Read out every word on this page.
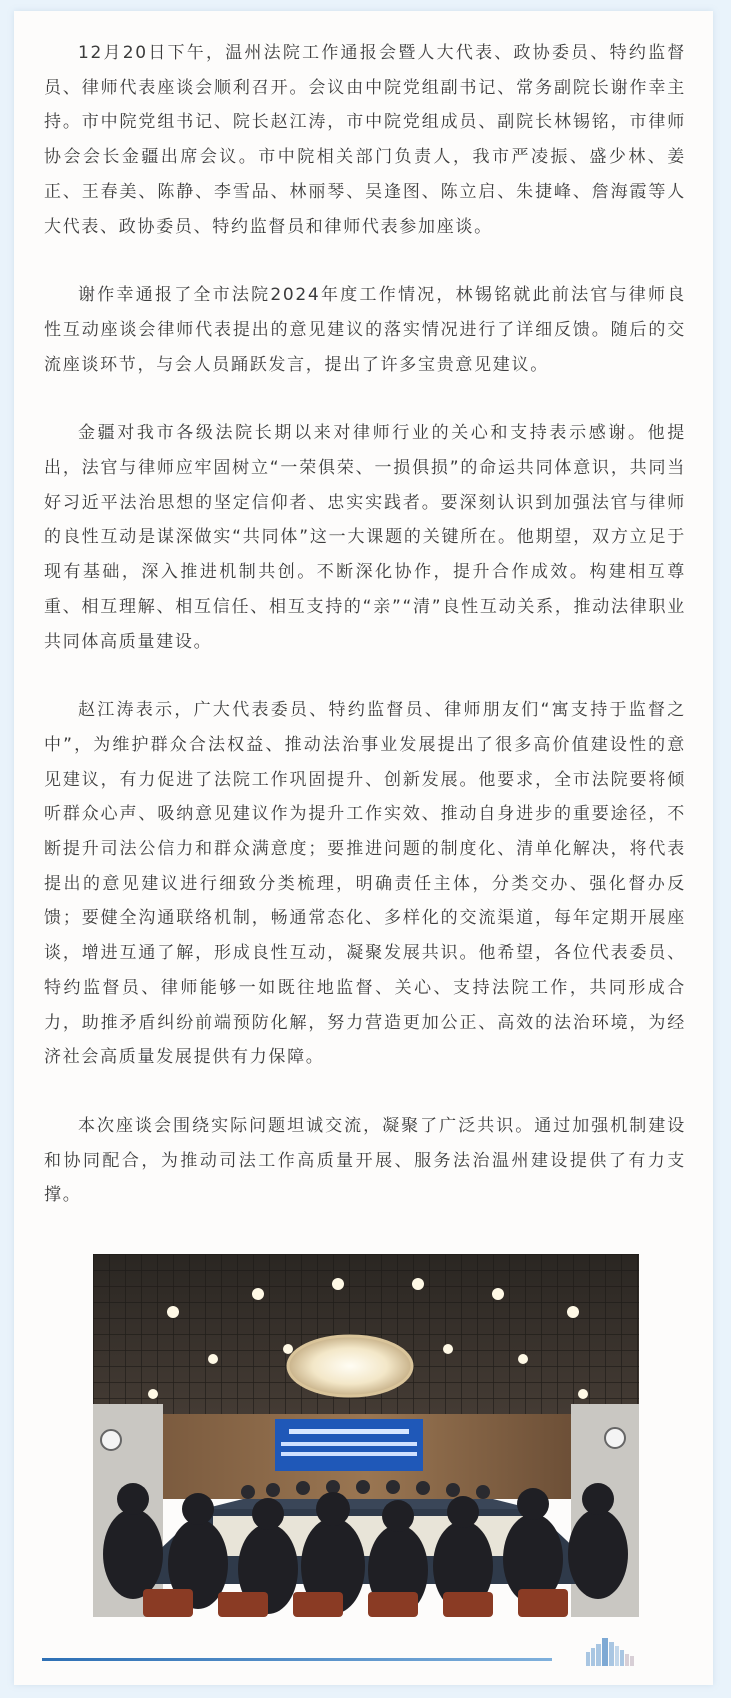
12月20日下午，温州法院工作通报会暨人大代表、政协委员、特约监督员、律师代表座谈会顺利召开。会议由中院党组副书记、常务副院长谢作幸主持。市中院党组书记、院长赵江涛，市中院党组成员、副院长林锡铭，市律师协会会长金疆出席会议。市中院相关部门负责人，我市严凌振、盛少林、姜正、王春美、陈静、李雪品、林丽琴、吴逢图、陈立启、朱捷峰、詹海霞等人大代表、政协委员、特约监督员和律师代表参加座谈。

谢作幸通报了全市法院2024年度工作情况，林锡铭就此前法官与律师良性互动座谈会律师代表提出的意见建议的落实情况进行了详细反馈。随后的交流座谈环节，与会人员踊跃发言，提出了许多宝贵意见建议。

金疆对我市各级法院长期以来对律师行业的关心和支持表示感谢。他提出，法官与律师应牢固树立“一荣俱荣、一损俱损”的命运共同体意识，共同当好习近平法治思想的坚定信仰者、忠实实践者。要深刻认识到加强法官与律师的良性互动是谋深做实“共同体”这一大课题的关键所在。他期望，双方立足于现有基础，深入推进机制共创。不断深化协作，提升合作成效。构建相互尊重、相互理解、相互信任、相互支持的“亲”“清”良性互动关系，推动法律职业共同体高质量建设。

赵江涛表示，广大代表委员、特约监督员、律师朋友们“寓支持于监督之中”，为维护群众合法权益、推动法治事业发展提出了很多高价值建设性的意见建议，有力促进了法院工作巩固提升、创新发展。他要求，全市法院要将倾听群众心声、吸纳意见建议作为提升工作实效、推动自身进步的重要途径，不断提升司法公信力和群众满意度；要推进问题的制度化、清单化解决，将代表提出的意见建议进行细致分类梳理，明确责任主体，分类交办、强化督办反馈；要健全沟通联络机制，畅通常态化、多样化的交流渠道，每年定期开展座谈，增进互通了解，形成良性互动，凝聚发展共识。他希望，各位代表委员、特约监督员、律师能够一如既往地监督、关心、支持法院工作，共同形成合力，助推矛盾纠纷前端预防化解，努力营造更加公正、高效的法治环境，为经济社会高质量发展提供有力保障。

本次座谈会围绕实际问题坦诚交流，凝聚了广泛共识。通过加强机制建设和协同配合，为推动司法工作高质量开展、服务法治温州建设提供了有力支撑。
